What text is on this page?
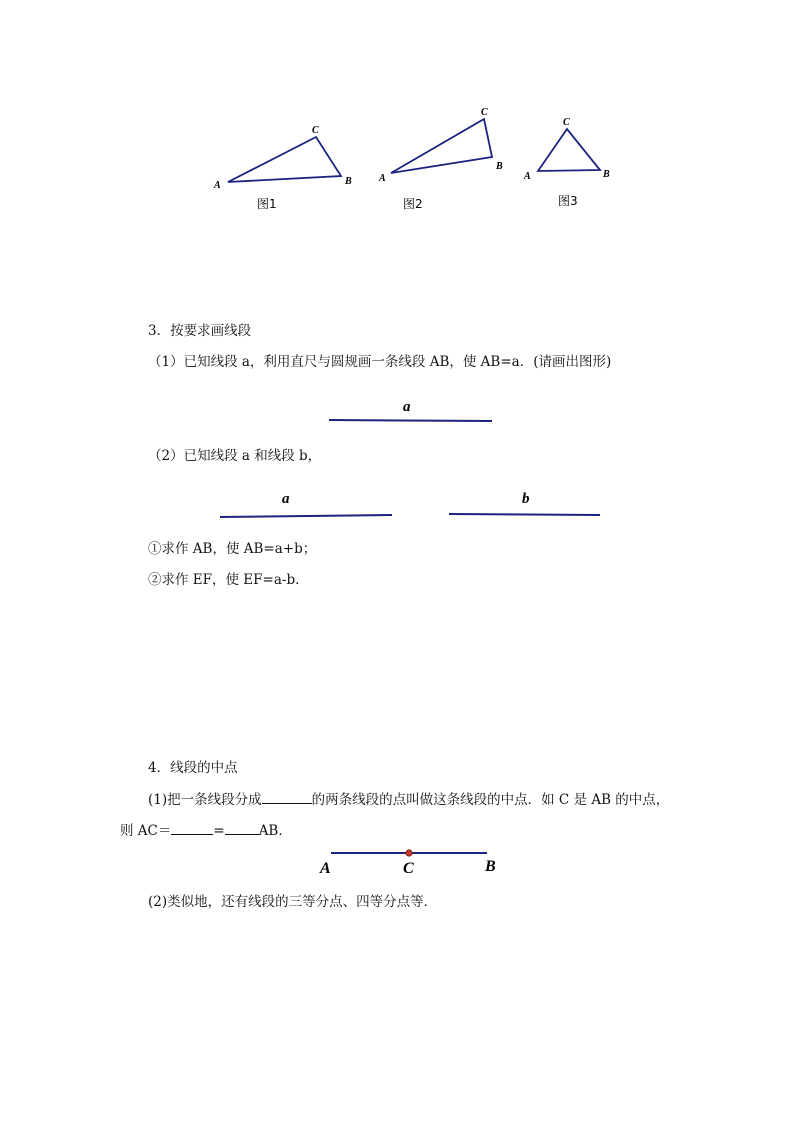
A	B
C
图1
A
B
C
图2
A	B
C
图3
a
a	b
A	C	B
3．按要求画线段
（1）已知线段 a，利用直尺与圆规画一条线段 AB，使 AB=a．(请画出图形)
（2）已知线段 a 和线段 b，
①求作 AB，使 AB=a+b；
②求作 EF，使 EF=a-b.
4．线段的中点
(1)把一条线段分成	的两条线段的点叫做这条线段的中点．如 C 是 AB 的中点，
则 AC＝	=	AB．
(2)类似地，还有线段的三等分点、四等分点等．
